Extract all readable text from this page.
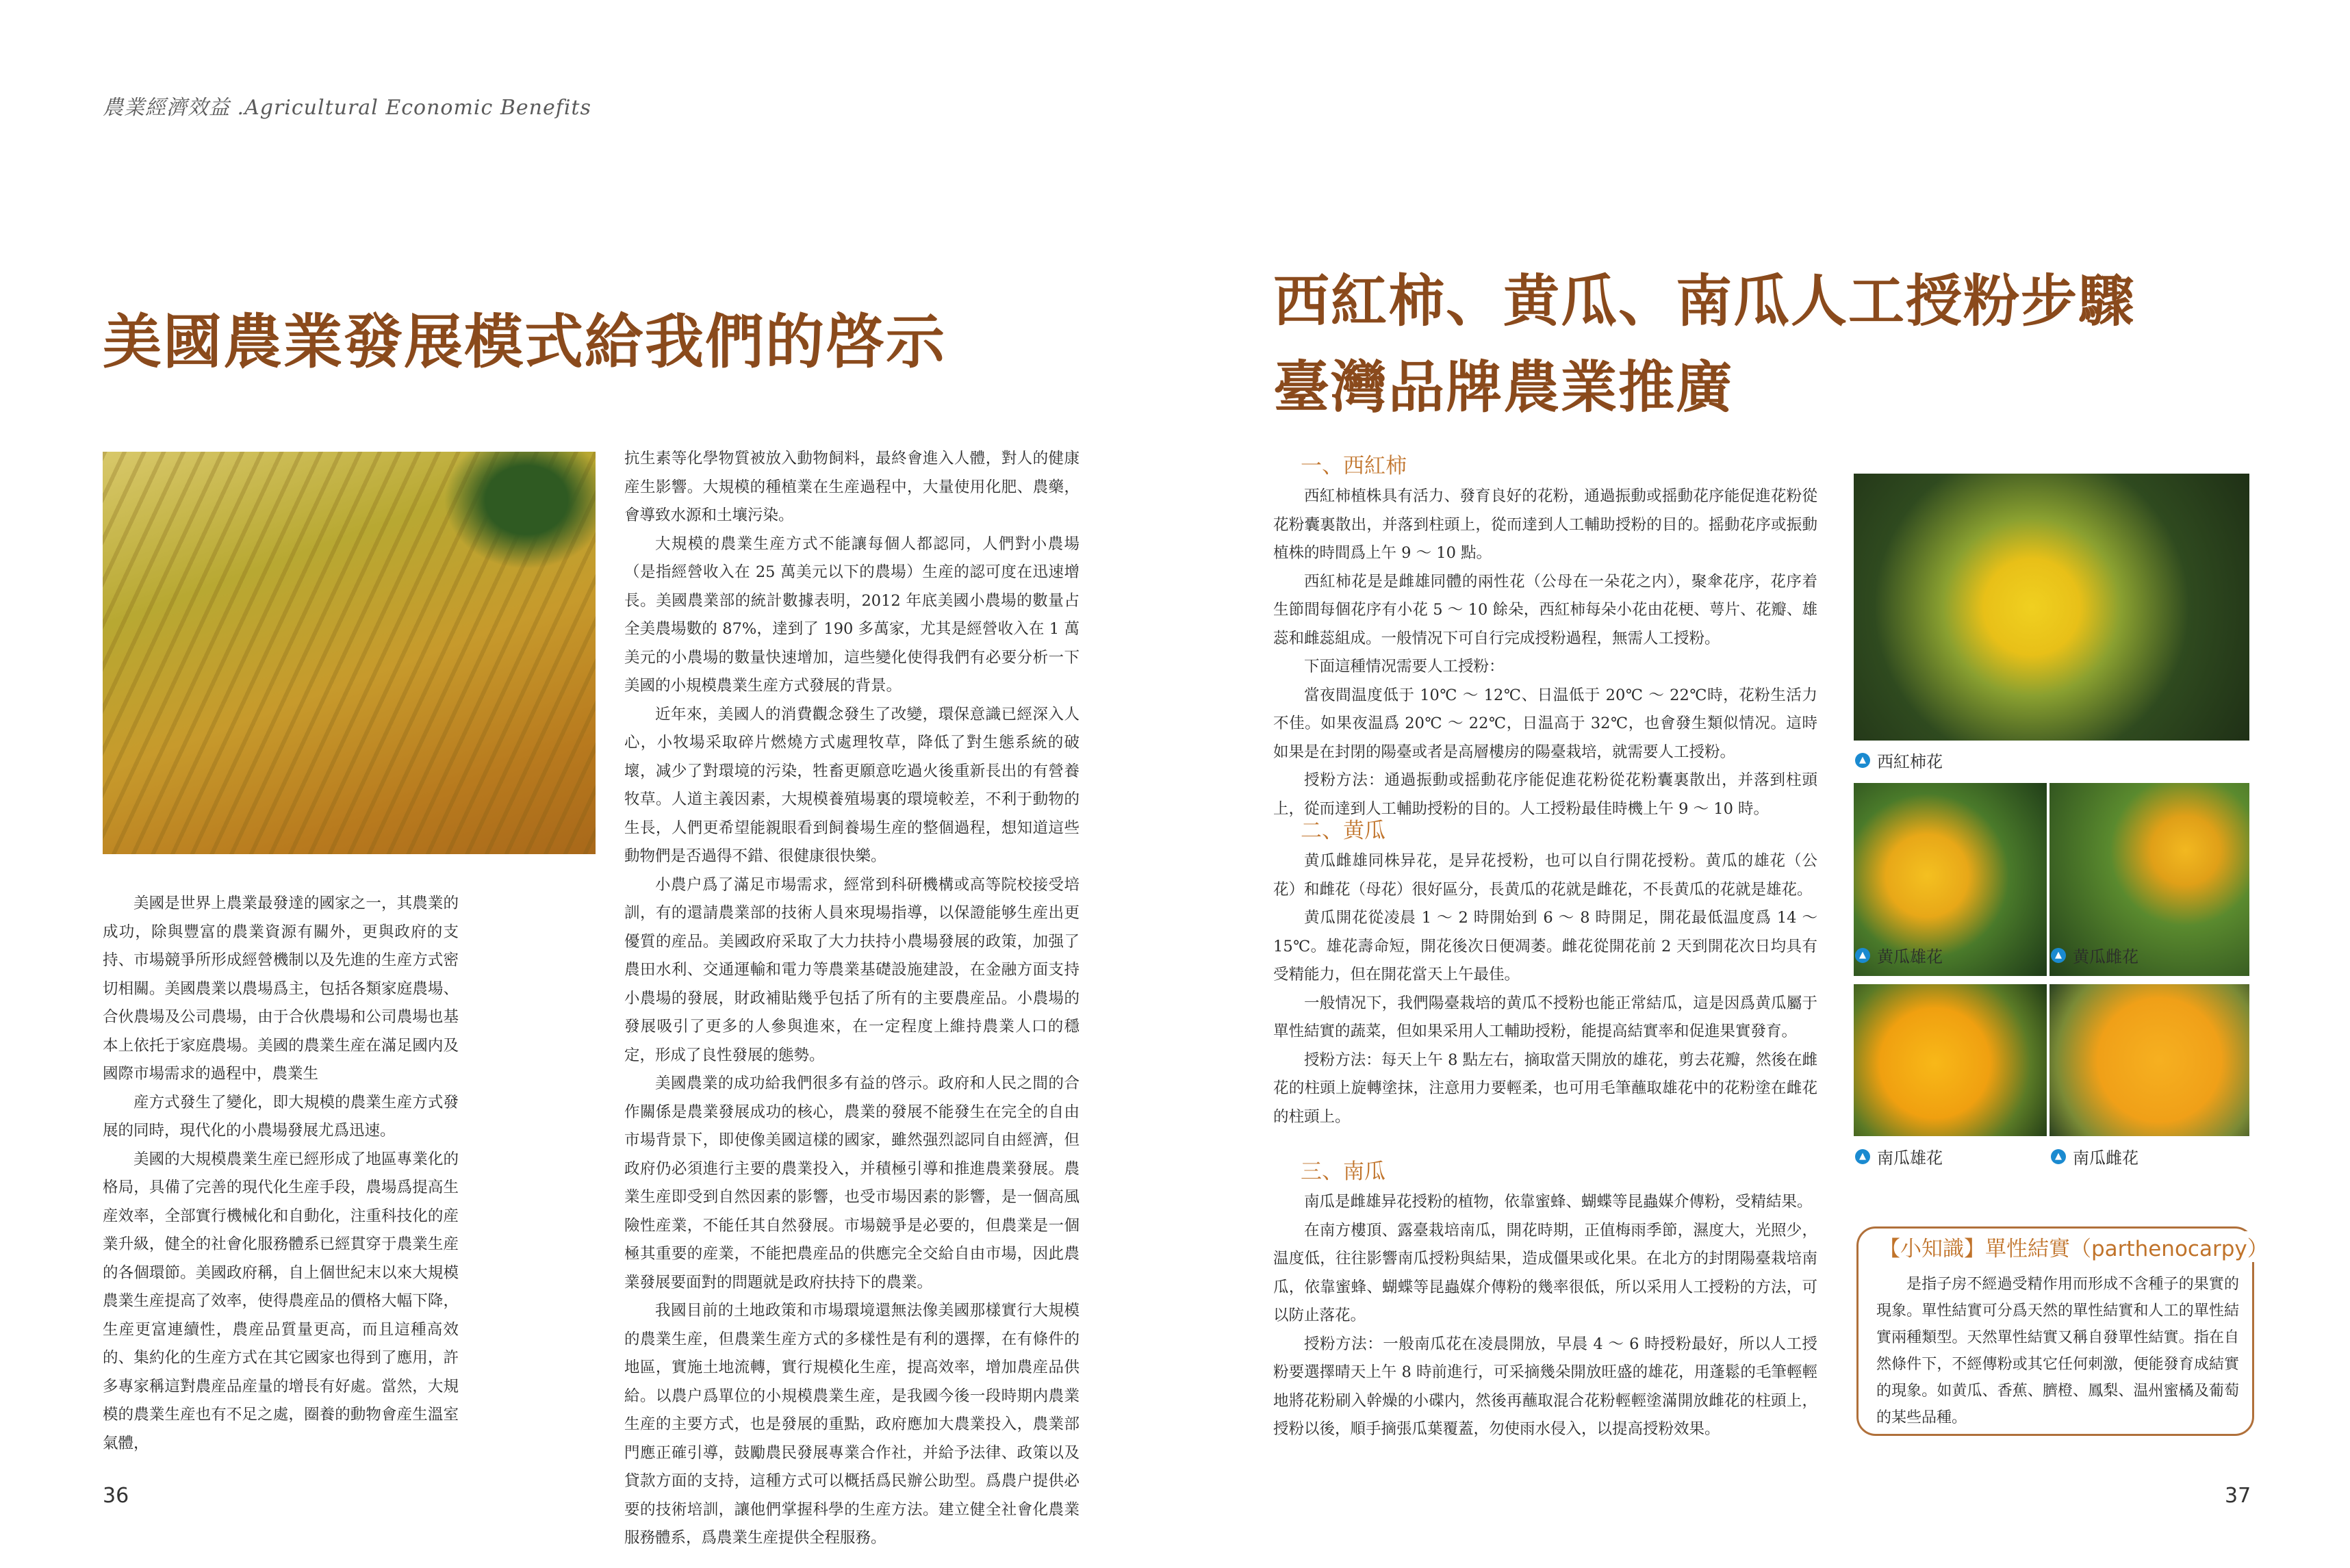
農業經濟效益 .Agricultural Economic Benefits
美國農業發展模式給我們的啓示

美國是世界上農業最發達的國家之一，其農業的成功，除與豐富的農業資源有關外，更與政府的支持、市場競爭所形成經營機制以及先進的生産方式密切相關。美國農業以農場爲主，包括各類家庭農場、合伙農場及公司農場，由于合伙農場和公司農場也基本上依托于家庭農場。美國的農業生産在滿足國内及國際市場需求的過程中，農業生

産方式發生了變化，即大規模的農業生産方式發展的同時，現代化的小農場發展尤爲迅速。

美國的大規模農業生産已經形成了地區專業化的格局，具備了完善的現代化生産手段，農場爲提高生産效率，全部實行機械化和自動化，注重科技化的産業升級，健全的社會化服務體系已經貫穿于農業生産的各個環節。美國政府稱，自上個世紀末以來大規模農業生産提高了效率，使得農産品的價格大幅下降，生産更富連續性，農産品質量更高，而且這種高效的、集約化的生産方式在其它國家也得到了應用，許多專家稱這對農産品産量的增長有好處。當然，大規模的農業生産也有不足之處，圈養的動物會産生溫室氣體，

抗生素等化學物質被放入動物飼料，最終會進入人體，對人的健康産生影響。大規模的種植業在生産過程中，大量使用化肥、農藥，會導致水源和土壤污染。

大規模的農業生産方式不能讓每個人都認同，人們對小農場（是指經營收入在 25 萬美元以下的農場）生産的認可度在迅速增長。美國農業部的統計數據表明，2012 年底美國小農場的數量占全美農場數的 87%，達到了 190 多萬家，尤其是經營收入在 1 萬美元的小農場的數量快速增加，這些變化使得我們有必要分析一下美國的小規模農業生産方式發展的背景。

近年來，美國人的消費觀念發生了改變，環保意識已經深入人心，小牧場采取碎片燃燒方式處理牧草，降低了對生態系統的破壞，减少了對環境的污染，牲畜更願意吃過火後重新長出的有營養牧草。人道主義因素，大規模養殖場裏的環境較差，不利于動物的生長，人們更希望能親眼看到飼養場生産的整個過程，想知道這些動物們是否過得不錯、很健康很快樂。

小農户爲了滿足市場需求，經常到科研機構或高等院校接受培訓，有的還請農業部的技術人員來現場指導，以保證能够生産出更優質的産品。美國政府采取了大力扶持小農場發展的政策，加强了農田水利、交通運輸和電力等農業基礎設施建設，在金融方面支持小農場的發展，財政補貼幾乎包括了所有的主要農産品。小農場的發展吸引了更多的人參與進來，在一定程度上維持農業人口的穩定，形成了良性發展的態勢。

美國農業的成功給我們很多有益的啓示。政府和人民之間的合作關係是農業發展成功的核心，農業的發展不能發生在完全的自由市場背景下，即使像美國這樣的國家，雖然强烈認同自由經濟，但政府仍必須進行主要的農業投入，并積極引導和推進農業發展。農業生産即受到自然因素的影響，也受市場因素的影響，是一個高風險性産業，不能任其自然發展。市場競爭是必要的，但農業是一個極其重要的産業，不能把農産品的供應完全交給自由市場，因此農業發展要面對的問題就是政府扶持下的農業。

我國目前的土地政策和市場環境還無法像美國那樣實行大規模的農業生産，但農業生産方式的多樣性是有利的選擇，在有條件的地區，實施土地流轉，實行規模化生産，提高效率，增加農産品供給。以農户爲單位的小規模農業生産，是我國今後一段時期内農業生産的主要方式，也是發展的重點，政府應加大農業投入，農業部門應正確引導，鼓勵農民發展專業合作社，并給予法律、政策以及貸款方面的支持，這種方式可以概括爲民辦公助型。爲農户提供必要的技術培訓，讓他們掌握科學的生産方法。建立健全社會化農業服務體系，爲農業生産提供全程服務。

36
西紅柿、黄瓜、南瓜人工授粉步驟
臺灣品牌農業推廣
一、西紅柿

西紅柿植株具有活力、發育良好的花粉，通過振動或摇動花序能促進花粉從花粉囊裏散出，并落到柱頭上，從而達到人工輔助授粉的目的。摇動花序或振動植株的時間爲上午 9 ～ 10 點。

西紅柿花是是雌雄同體的兩性花（公母在一朵花之内），聚傘花序，花序着生節間每個花序有小花 5 ～ 10 餘朵，西紅柿每朵小花由花梗、萼片、花瓣、雄蕊和雌蕊組成。一般情况下可自行完成授粉過程，無需人工授粉。

下面這種情况需要人工授粉：

當夜間温度低于 10℃ ～ 12℃、日温低于 20℃ ～ 22℃時，花粉生活力不佳。如果夜温爲 20℃ ～ 22℃，日温高于 32℃，也會發生類似情况。這時如果是在封閉的陽臺或者是高層樓房的陽臺栽培，就需要人工授粉。

授粉方法：通過振動或摇動花序能促進花粉從花粉囊裏散出，并落到柱頭上，從而達到人工輔助授粉的目的。人工授粉最佳時機上午 9 ～ 10 時。

二、黄瓜

黄瓜雌雄同株异花，是异花授粉，也可以自行開花授粉。黄瓜的雄花（公花）和雌花（母花）很好區分，長黄瓜的花就是雌花，不長黄瓜的花就是雄花。

黄瓜開花從凌晨 1 ～ 2 時開始到 6 ～ 8 時開足，開花最低温度爲 14 ～ 15℃。雄花壽命短，開花後次日便凋萎。雌花從開花前 2 天到開花次日均具有受精能力，但在開花當天上午最佳。

一般情况下，我們陽臺栽培的黄瓜不授粉也能正常結瓜，這是因爲黄瓜屬于單性結實的蔬菜，但如果采用人工輔助授粉，能提高結實率和促進果實發育。

授粉方法：每天上午 8 點左右，摘取當天開放的雄花，剪去花瓣，然後在雌花的柱頭上旋轉塗抹，注意用力要輕柔，也可用毛筆蘸取雄花中的花粉塗在雌花的柱頭上。

三、南瓜

南瓜是雌雄异花授粉的植物，依靠蜜蜂、蝴蝶等昆蟲媒介傳粉，受精結果。

在南方樓頂、露臺栽培南瓜，開花時期，正值梅雨季節，濕度大，光照少，温度低，往往影響南瓜授粉與結果，造成僵果或化果。在北方的封閉陽臺栽培南瓜，依靠蜜蜂、蝴蝶等昆蟲媒介傳粉的幾率很低，所以采用人工授粉的方法，可以防止落花。

授粉方法：一般南瓜花在凌晨開放，早晨 4 ～ 6 時授粉最好，所以人工授粉要選擇晴天上午 8 時前進行，可采摘幾朵開放旺盛的雄花，用蓬鬆的毛筆輕輕地將花粉刷入幹燥的小碟内，然後再蘸取混合花粉輕輕塗滿開放雌花的柱頭上，授粉以後，順手摘張瓜葉覆蓋，勿使雨水侵入，以提高授粉效果。

▲ 西紅柿花
▲ 黄瓜雄花	▲ 黄瓜雌花
▲ 南瓜雄花	▲ 南瓜雌花
【小知識】單性結實（parthenocarpy）

是指子房不經過受精作用而形成不含種子的果實的現象。單性結實可分爲天然的單性結實和人工的單性結實兩種類型。天然單性結實又稱自發單性結實。指在自然條件下，不經傳粉或其它任何刺激，便能發育成結實的現象。如黄瓜、香蕉、臍橙、鳳梨、温州蜜橘及葡萄的某些品種。

37
